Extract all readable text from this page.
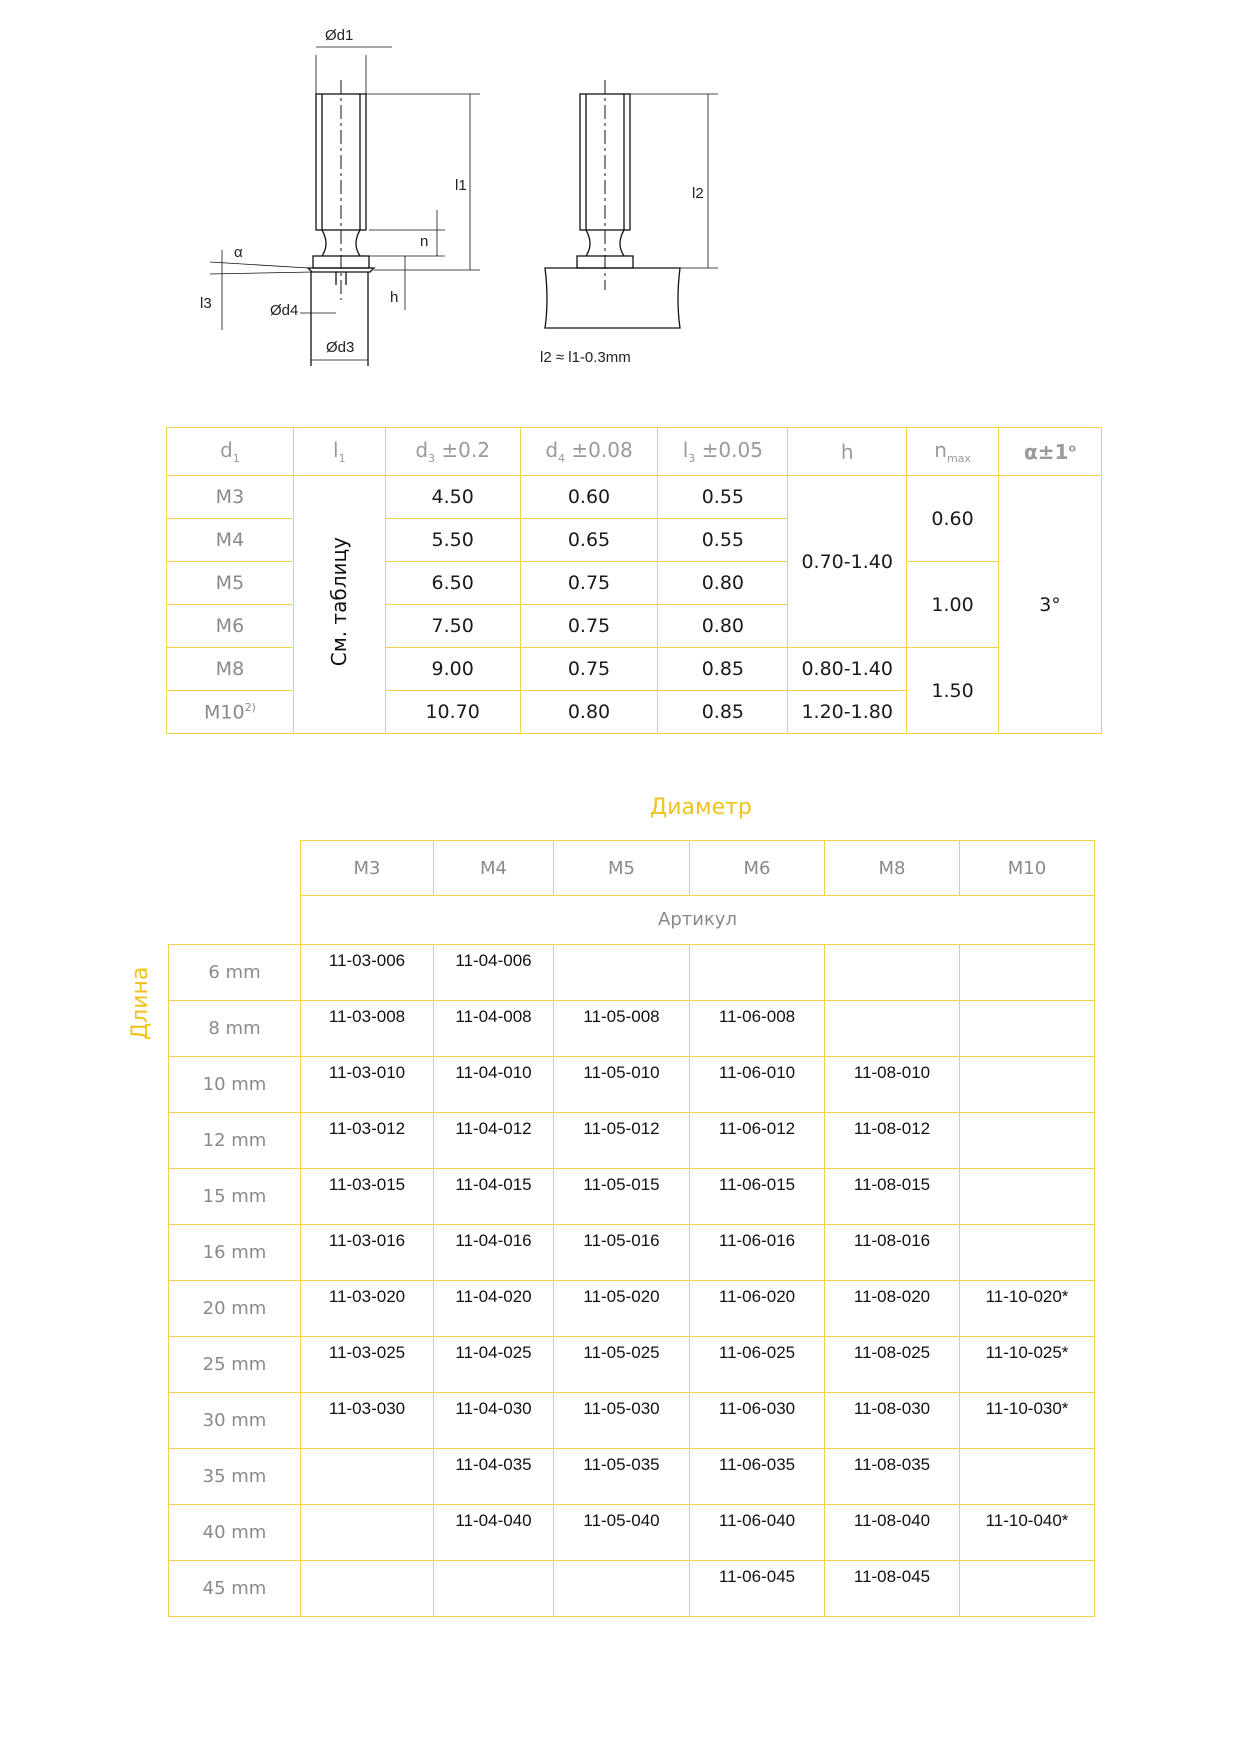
Ød1
l1
n
h
α
l3	Ød4
Ød3
l2
l2 ≈ l1-0.3mm
$d_1$	$l_1$	$d_3 \pm 0.2$	$d_4 \pm 0.08$	$l_3 \pm 0.05$	h	$n_{max}$	$\alpha\pm 1^o$
M3	См. таблицу	4.50	0.60	0.55	0.70-1.40	0.60	3°
M4		5.50	0.65	0.55			
M5		6.50	0.75	0.80		1.00	
M6		7.50	0.75	0.80			
M8		9.00	0.75	0.85	0.80-1.40	1.50	
M10$^{2)}$		10.70	0.80	0.85	1.20-1.80		
Диаметр
Длина
	M3	M4	M5	M6	M8	M10
	Артикул					
6 mm	11-03-006	11-04-006				
8 mm	11-03-008	11-04-008	11-05-008	11-06-008		
10 mm	11-03-010	11-04-010	11-05-010	11-06-010	11-08-010	
12 mm	11-03-012	11-04-012	11-05-012	11-06-012	11-08-012	
15 mm	11-03-015	11-04-015	11-05-015	11-06-015	11-08-015	
16 mm	11-03-016	11-04-016	11-05-016	11-06-016	11-08-016	
20 mm	11-03-020	11-04-020	11-05-020	11-06-020	11-08-020	11-10-020*
25 mm	11-03-025	11-04-025	11-05-025	11-06-025	11-08-025	11-10-025*
30 mm	11-03-030	11-04-030	11-05-030	11-06-030	11-08-030	11-10-030*
35 mm		11-04-035	11-05-035	11-06-035	11-08-035	
40 mm		11-04-040	11-05-040	11-06-040	11-08-040	11-10-040*
45 mm				11-06-045	11-08-045	
